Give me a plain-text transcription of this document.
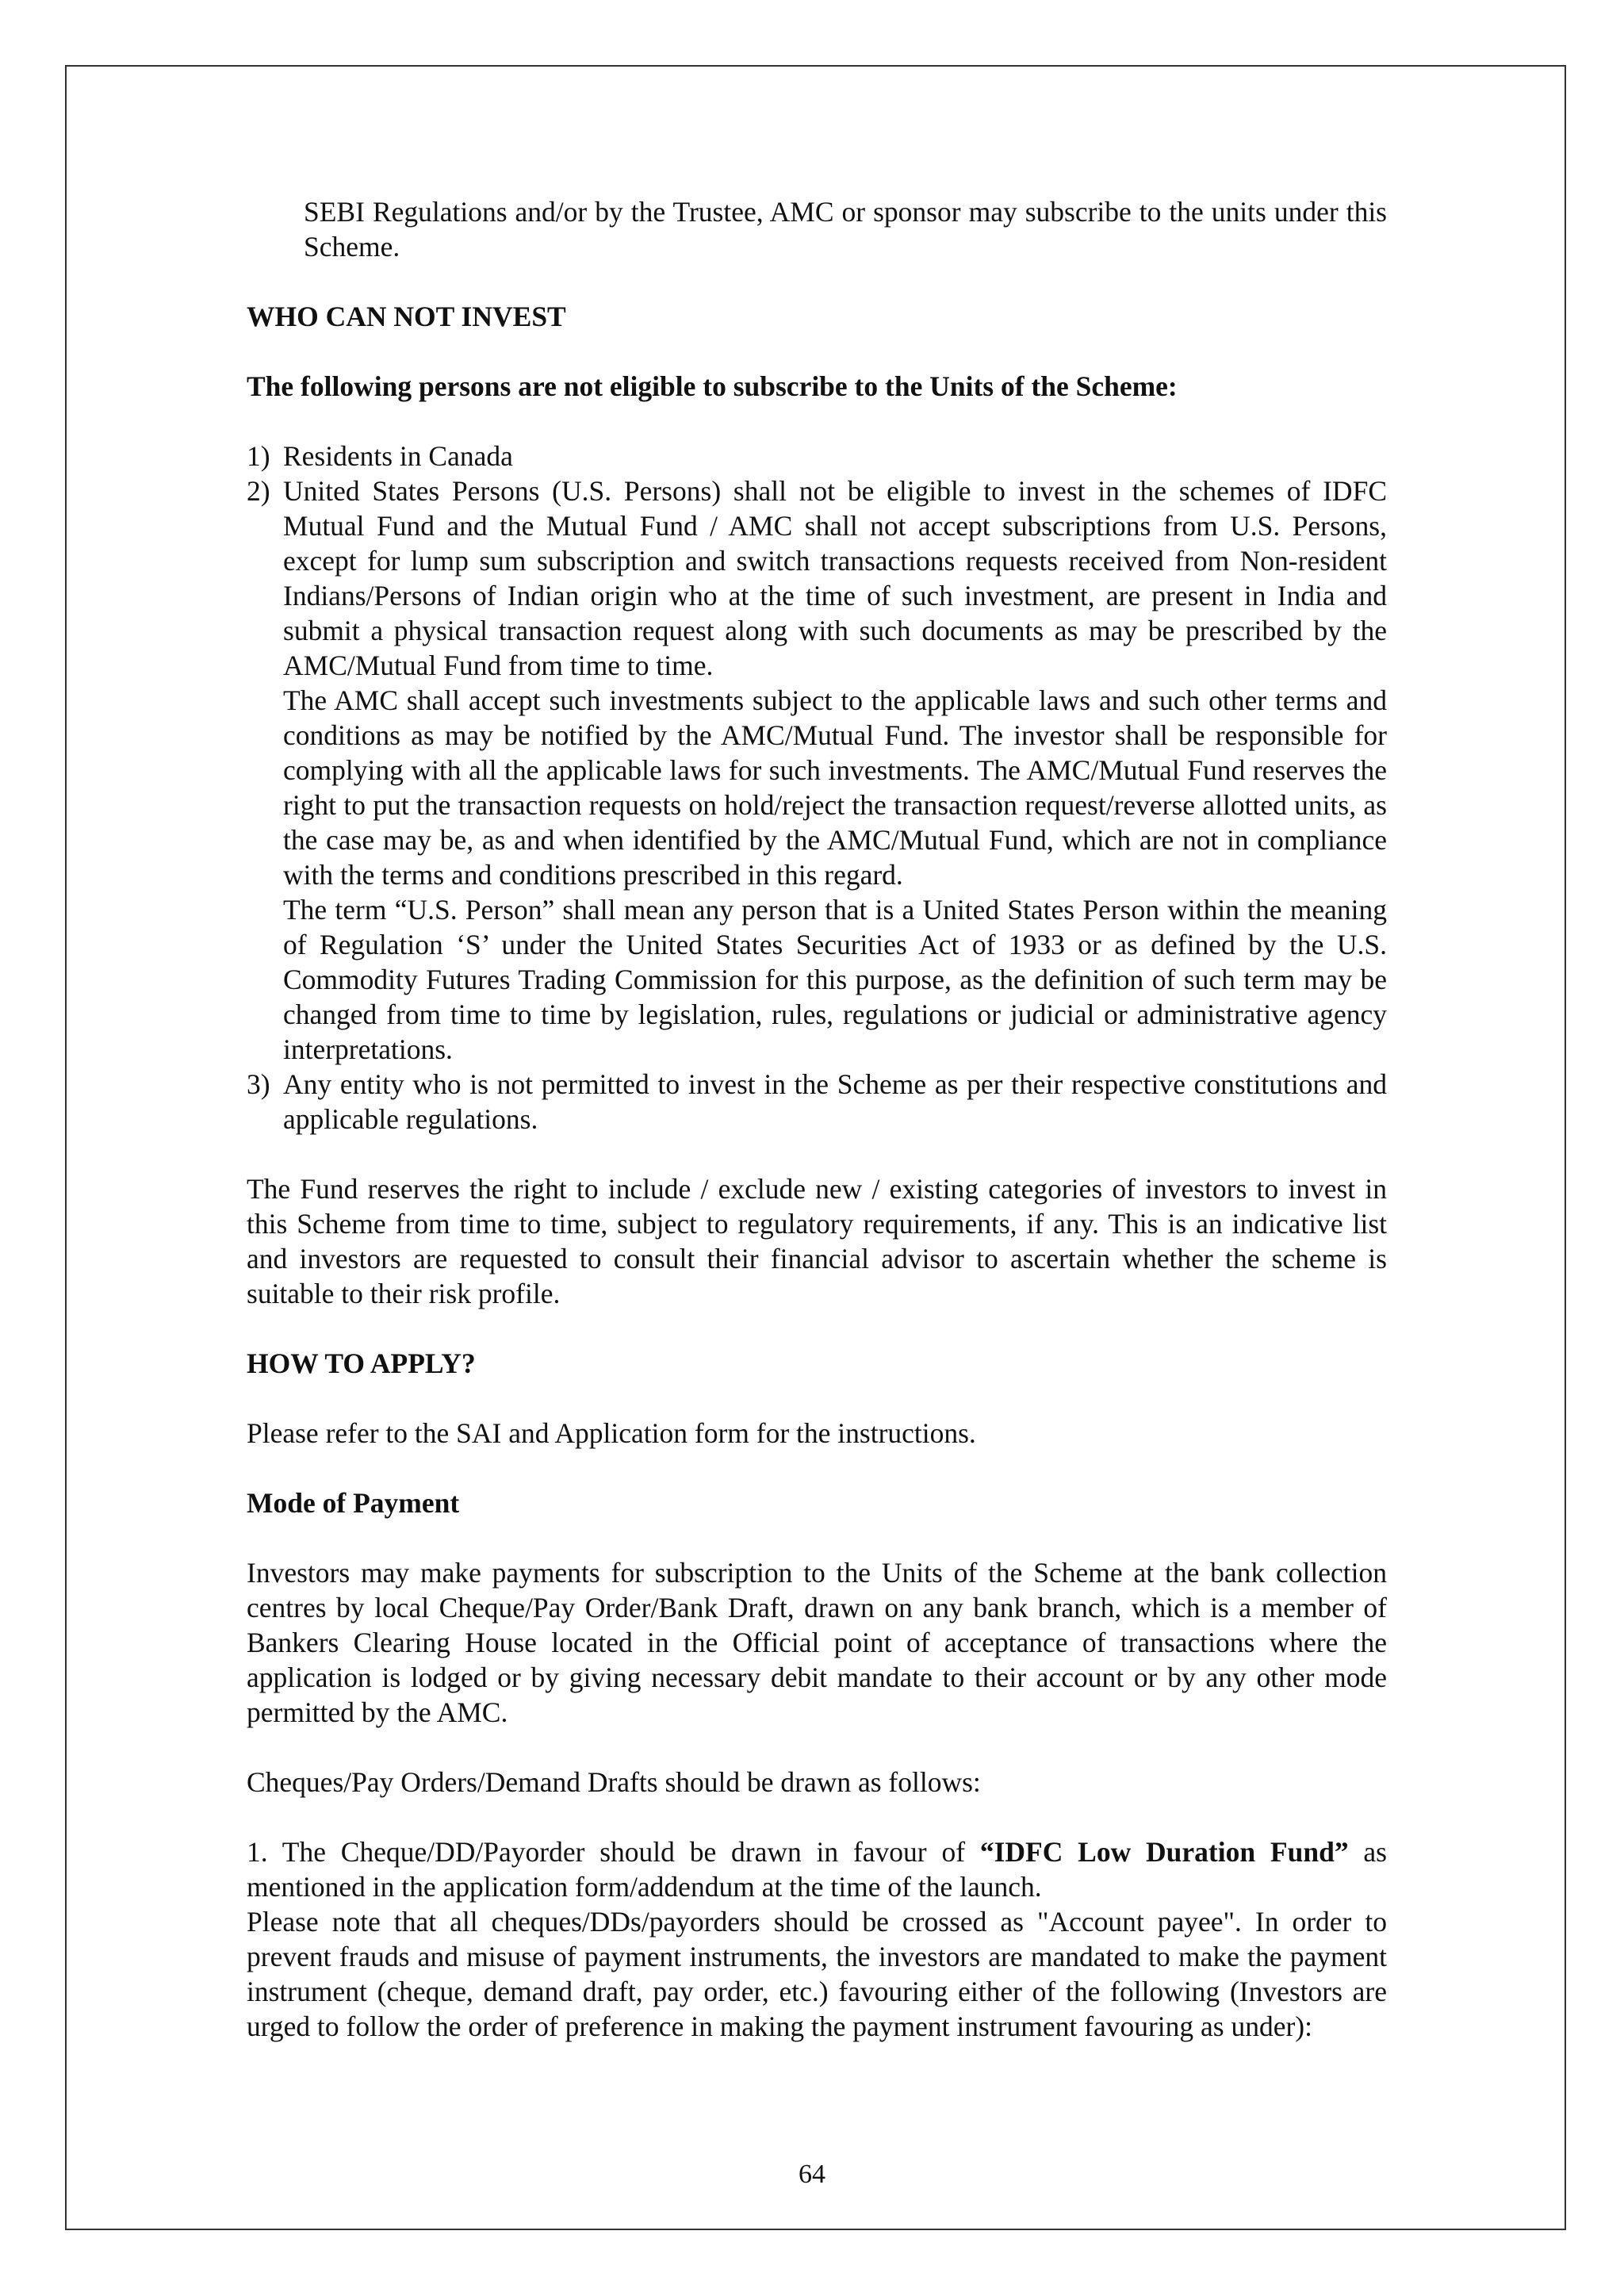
SEBI Regulations and/or by the Trustee, AMC or sponsor may subscribe to the units under this Scheme.

WHO CAN NOT INVEST

The following persons are not eligible to subscribe to the Units of the Scheme:

1) Residents in Canada

2) United States Persons (U.S. Persons) shall not be eligible to invest in the schemes of IDFC Mutual Fund and the Mutual Fund / AMC shall not accept subscriptions from U.S. Persons, except for lump sum subscription and switch transactions requests received from Non-resident Indians/Persons of Indian origin who at the time of such investment, are present in India and submit a physical transaction request along with such documents as may be prescribed by the AMC/Mutual Fund from time to time.

The AMC shall accept such investments subject to the applicable laws and such other terms and conditions as may be notified by the AMC/Mutual Fund. The investor shall be responsible for complying with all the applicable laws for such investments. The AMC/Mutual Fund reserves the right to put the transaction requests on hold/reject the transaction request/reverse allotted units, as the case may be, as and when identified by the AMC/Mutual Fund, which are not in compliance with the terms and conditions prescribed in this regard.

The term “U.S. Person” shall mean any person that is a United States Person within the meaning of Regulation ‘S’ under the United States Securities Act of 1933 or as defined by the U.S. Commodity Futures Trading Commission for this purpose, as the definition of such term may be changed from time to time by legislation, rules, regulations or judicial or administrative agency interpretations.

3) Any entity who is not permitted to invest in the Scheme as per their respective constitutions and applicable regulations.

The Fund reserves the right to include / exclude new / existing categories of investors to invest in this Scheme from time to time, subject to regulatory requirements, if any. This is an indicative list and investors are requested to consult their financial advisor to ascertain whether the scheme is suitable to their risk profile.

HOW TO APPLY?

Please refer to the SAI and Application form for the instructions.

Mode of Payment

Investors may make payments for subscription to the Units of the Scheme at the bank collection centres by local Cheque/Pay Order/Bank Draft, drawn on any bank branch, which is a member of Bankers Clearing House located in the Official point of acceptance of transactions where the application is lodged or by giving necessary debit mandate to their account or by any other mode permitted by the AMC.

Cheques/Pay Orders/Demand Drafts should be drawn as follows:

1. The Cheque/DD/Payorder should be drawn in favour of “IDFC Low Duration Fund” as mentioned in the application form/addendum at the time of the launch.

Please note that all cheques/DDs/payorders should be crossed as "Account payee". In order to prevent frauds and misuse of payment instruments, the investors are mandated to make the payment instrument (cheque, demand draft, pay order, etc.) favouring either of the following (Investors are urged to follow the order of preference in making the payment instrument favouring as under):

64
